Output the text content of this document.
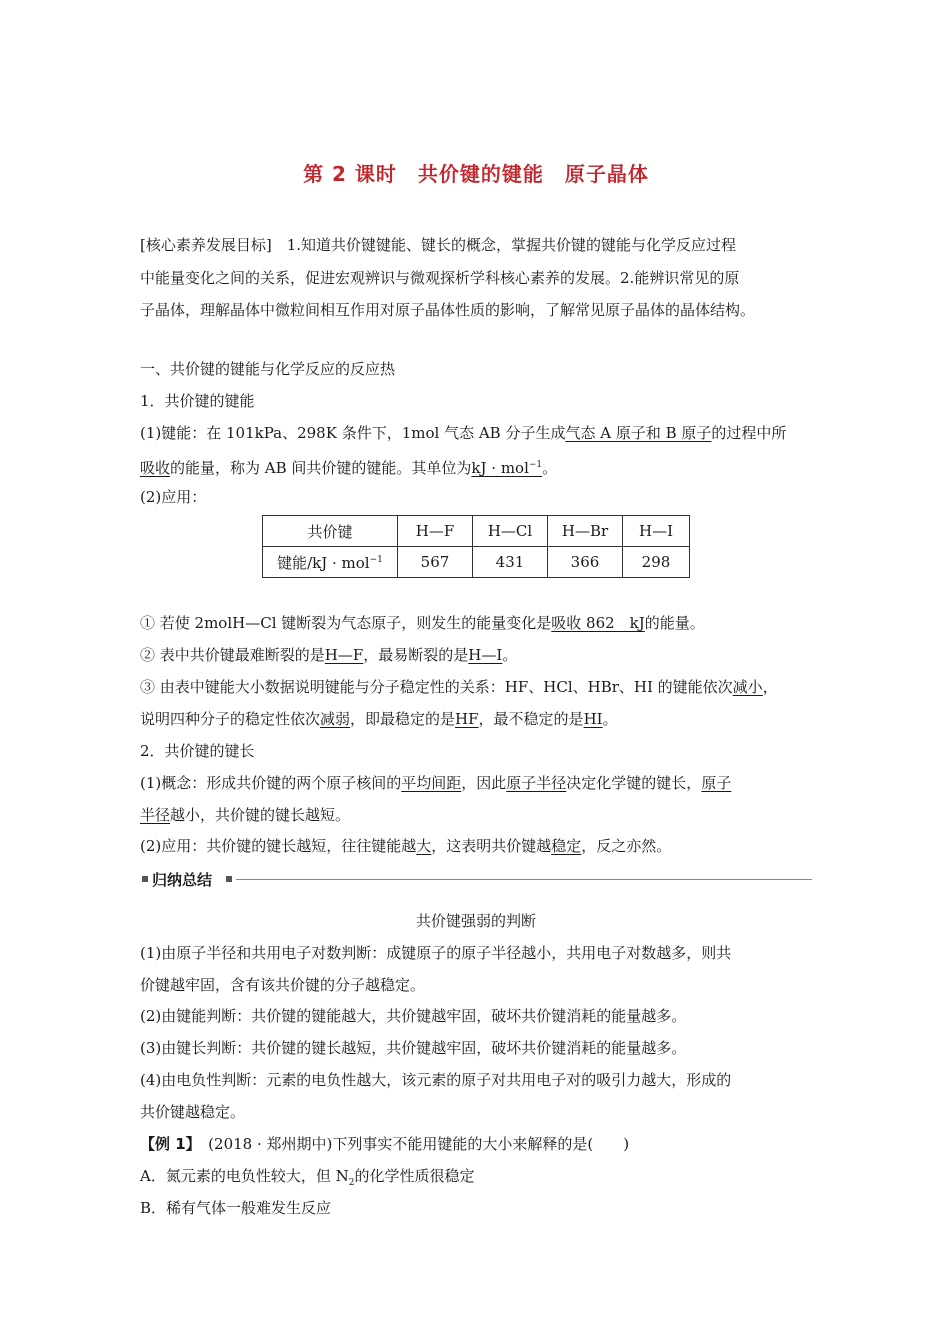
第 2 课时　共价键的键能　原子晶体
[核心素养发展目标]　1.知道共价键键能、键长的概念，掌握共价键的键能与化学反应过程
中能量变化之间的关系，促进宏观辨识与微观探析学科核心素养的发展。2.能辨识常见的原
子晶体，理解晶体中微粒间相互作用对原子晶体性质的影响，了解常见原子晶体的晶体结构。
一、共价键的键能与化学反应的反应热
1．共价键的键能
(1)键能：在 101kPa、298K 条件下，1mol 气态 AB 分子生成气态 A 原子和 B 原子的过程中所
吸收的能量，称为 AB 间共价键的键能。其单位为kJ · mol$^{-1}$。
(2)应用：
共价键	H—F	H—Cl	H—Br	H—I
键能/kJ · mol$^{-1}$	567	431	366	298
① 若使 2molH—Cl 键断裂为气态原子，则发生的能量变化是吸收 862　kJ的能量。
② 表中共价键最难断裂的是H—F，最易断裂的是H—I。
③ 由表中键能大小数据说明键能与分子稳定性的关系：HF、HCl、HBr、HI 的键能依次减小，
说明四种分子的稳定性依次减弱，即最稳定的是HF，最不稳定的是HI。
2．共价键的键长
(1)概念：形成共价键的两个原子核间的平均间距，因此原子半径决定化学键的键长，原子
半径越小，共价键的键长越短。
(2)应用：共价键的键长越短，往往键能越大，这表明共价键越稳定，反之亦然。
归纳总结
共价键强弱的判断
(1)由原子半径和共用电子对数判断：成键原子的原子半径越小，共用电子对数越多，则共
价键越牢固，含有该共价键的分子越稳定。
(2)由键能判断：共价键的键能越大，共价键越牢固，破坏共价键消耗的能量越多。
(3)由键长判断：共价键的键长越短，共价键越牢固，破坏共价键消耗的能量越多。
(4)由电负性判断：元素的电负性越大，该元素的原子对共用电子对的吸引力越大，形成的
共价键越稳定。
【例 1】　(2018 · 郑州期中)下列事实不能用键能的大小来解释的是(　　)
A．氮元素的电负性较大，但 $N_2$的化学性质很稳定
B．稀有气体一般难发生反应
